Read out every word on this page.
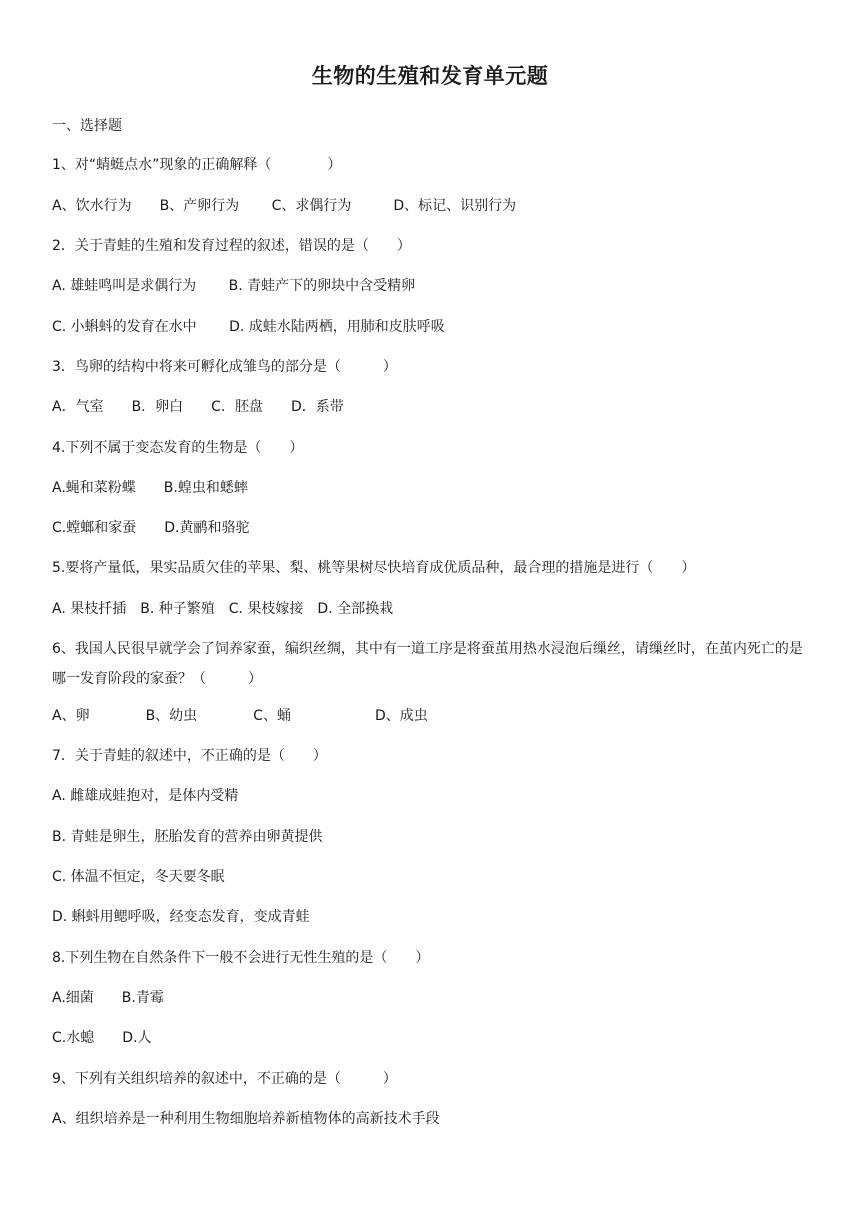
生物的生殖和发育单元题
一、选择题
1、对“蜻蜓点水”现象的正确解释（　　　　）
A、饮水行为　　B、产卵行为　　 C、求偶行为　　　D、标记、识别行为
2．关于青蛙的生殖和发育过程的叙述，错误的是（　　）
A. 雄蛙鸣叫是求偶行为　　 B. 青蛙产下的卵块中含受精卵
C. 小蝌蚪的发育在水中　　 D. 成蛙水陆两栖，用肺和皮肤呼吸
3．鸟卵的结构中将来可孵化成雏鸟的部分是（　　　）
A．气室　　B．卵白　　C．胚盘　　D．系带
4.下列不属于变态发育的生物是（　　）
A.蝇和菜粉蝶　　B.蝗虫和蟋蟀
C.螳螂和家蚕　　D.黄鹂和骆驼
5.要将产量低，果实品质欠佳的苹果、梨、桃等果树尽快培育成优质品种，最合理的措施是进行（　　）
A. 果枝扦插　B. 种子繁殖　C. 果枝嫁接　D. 全部换栽
6、我国人民很早就学会了饲养家蚕，编织丝绸，其中有一道工序是将蚕茧用热水浸泡后缫丝，请缫丝时，在茧内死亡的是哪一发育阶段的家蚕？（　　　）
A、卵　　　　B、幼虫　　　　C、蛹　　　　　　D、成虫
7．关于青蛙的叙述中，不正确的是（　　）
A. 雌雄成蛙抱对，是体内受精
B. 青蛙是卵生，胚胎发育的营养由卵黄提供
C. 体温不恒定，冬天要冬眠
D. 蝌蚪用鳃呼吸，经变态发育，变成青蛙
8.下列生物在自然条件下一般不会进行无性生殖的是（　　）
A.细菌　　B.青霉
C.水螅　　D.人
9、下列有关组织培养的叙述中，不正确的是（　　　）
A、组织培养是一种利用生物细胞培养新植物体的高新技术手段
